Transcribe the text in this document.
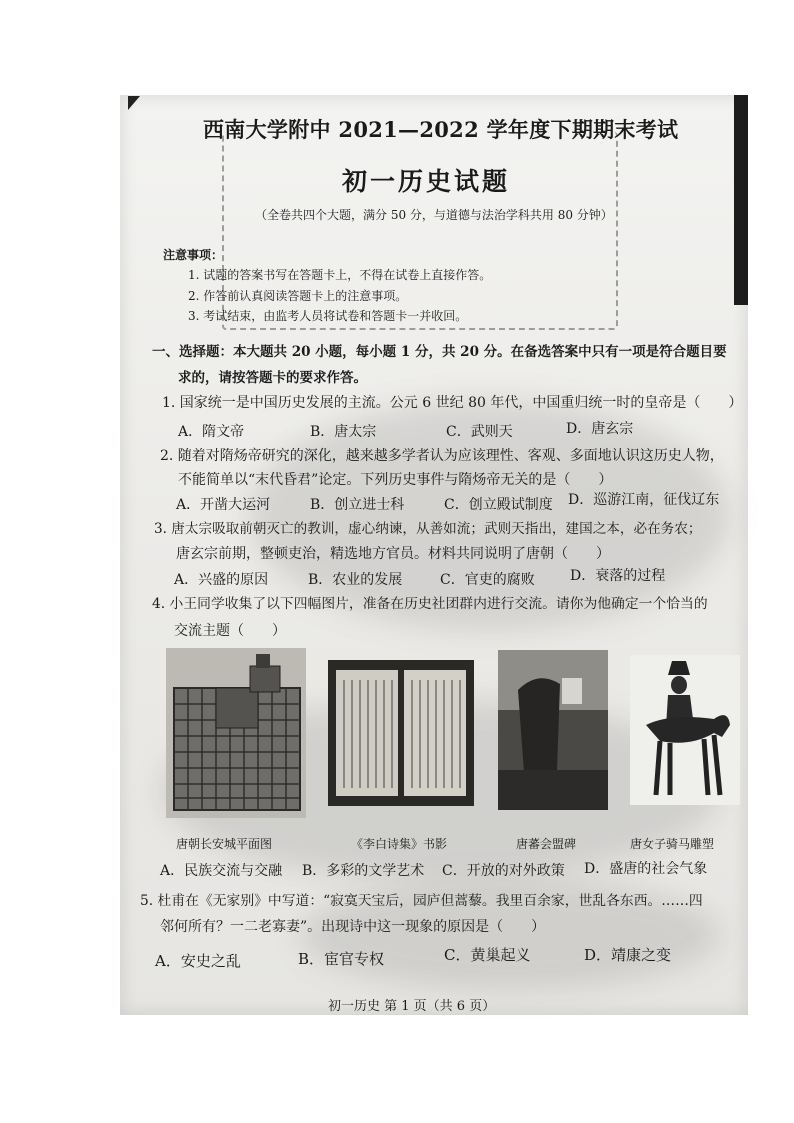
西南大学附中 2021—2022 学年度下期期末考试
初一历史试题
（全卷共四个大题，满分 50 分，与道德与法治学科共用 80 分钟）
注意事项：
1. 试题的答案书写在答题卡上，不得在试卷上直接作答。
2. 作答前认真阅读答题卡上的注意事项。
3. 考试结束，由监考人员将试卷和答题卡一并收回。
一、选择题：本大题共 20 小题，每小题 1 分，共 20 分。在备选答案中只有一项是符合题目要
求的，请按答题卡的要求作答。
1. 国家统一是中国历史发展的主流。公元 6 世纪 80 年代，中国重归统一时的皇帝是（　　）
A．隋文帝	B．唐太宗	C．武则天	D．唐玄宗
2. 随着对隋炀帝研究的深化，越来越多学者认为应该理性、客观、多面地认识这历史人物，
不能简单以“末代昏君”论定。下列历史事件与隋炀帝无关的是（　　）
A．开凿大运河	B．创立进士科	C．创立殿试制度 D．巡游江南，征伐辽东
3. 唐太宗吸取前朝灭亡的教训，虚心纳谏，从善如流；武则天指出，建国之本，必在务农；
唐玄宗前期，整顿吏治，精选地方官员。材料共同说明了唐朝（　　）
A．兴盛的原因	B．农业的发展	C．官吏的腐败	D．衰落的过程
4. 小王同学收集了以下四幅图片，准备在历史社团群内进行交流。请你为他确定一个恰当的
交流主题（　　）
唐朝长安城平面图	《李白诗集》书影	唐蕃会盟碑	唐女子骑马雕塑
A．民族交流与交融 B．多彩的文学艺术 C．开放的对外政策 D．盛唐的社会气象
5. 杜甫在《无家别》中写道：“寂寞天宝后，园庐但蒿藜。我里百余家，世乱各东西。……四
邻何所有？一二老寡妻”。出现诗中这一现象的原因是（　　）
A．安史之乱	B．宦官专权	C．黄巢起义	D．靖康之变
初一历史 第 1 页（共 6 页）
